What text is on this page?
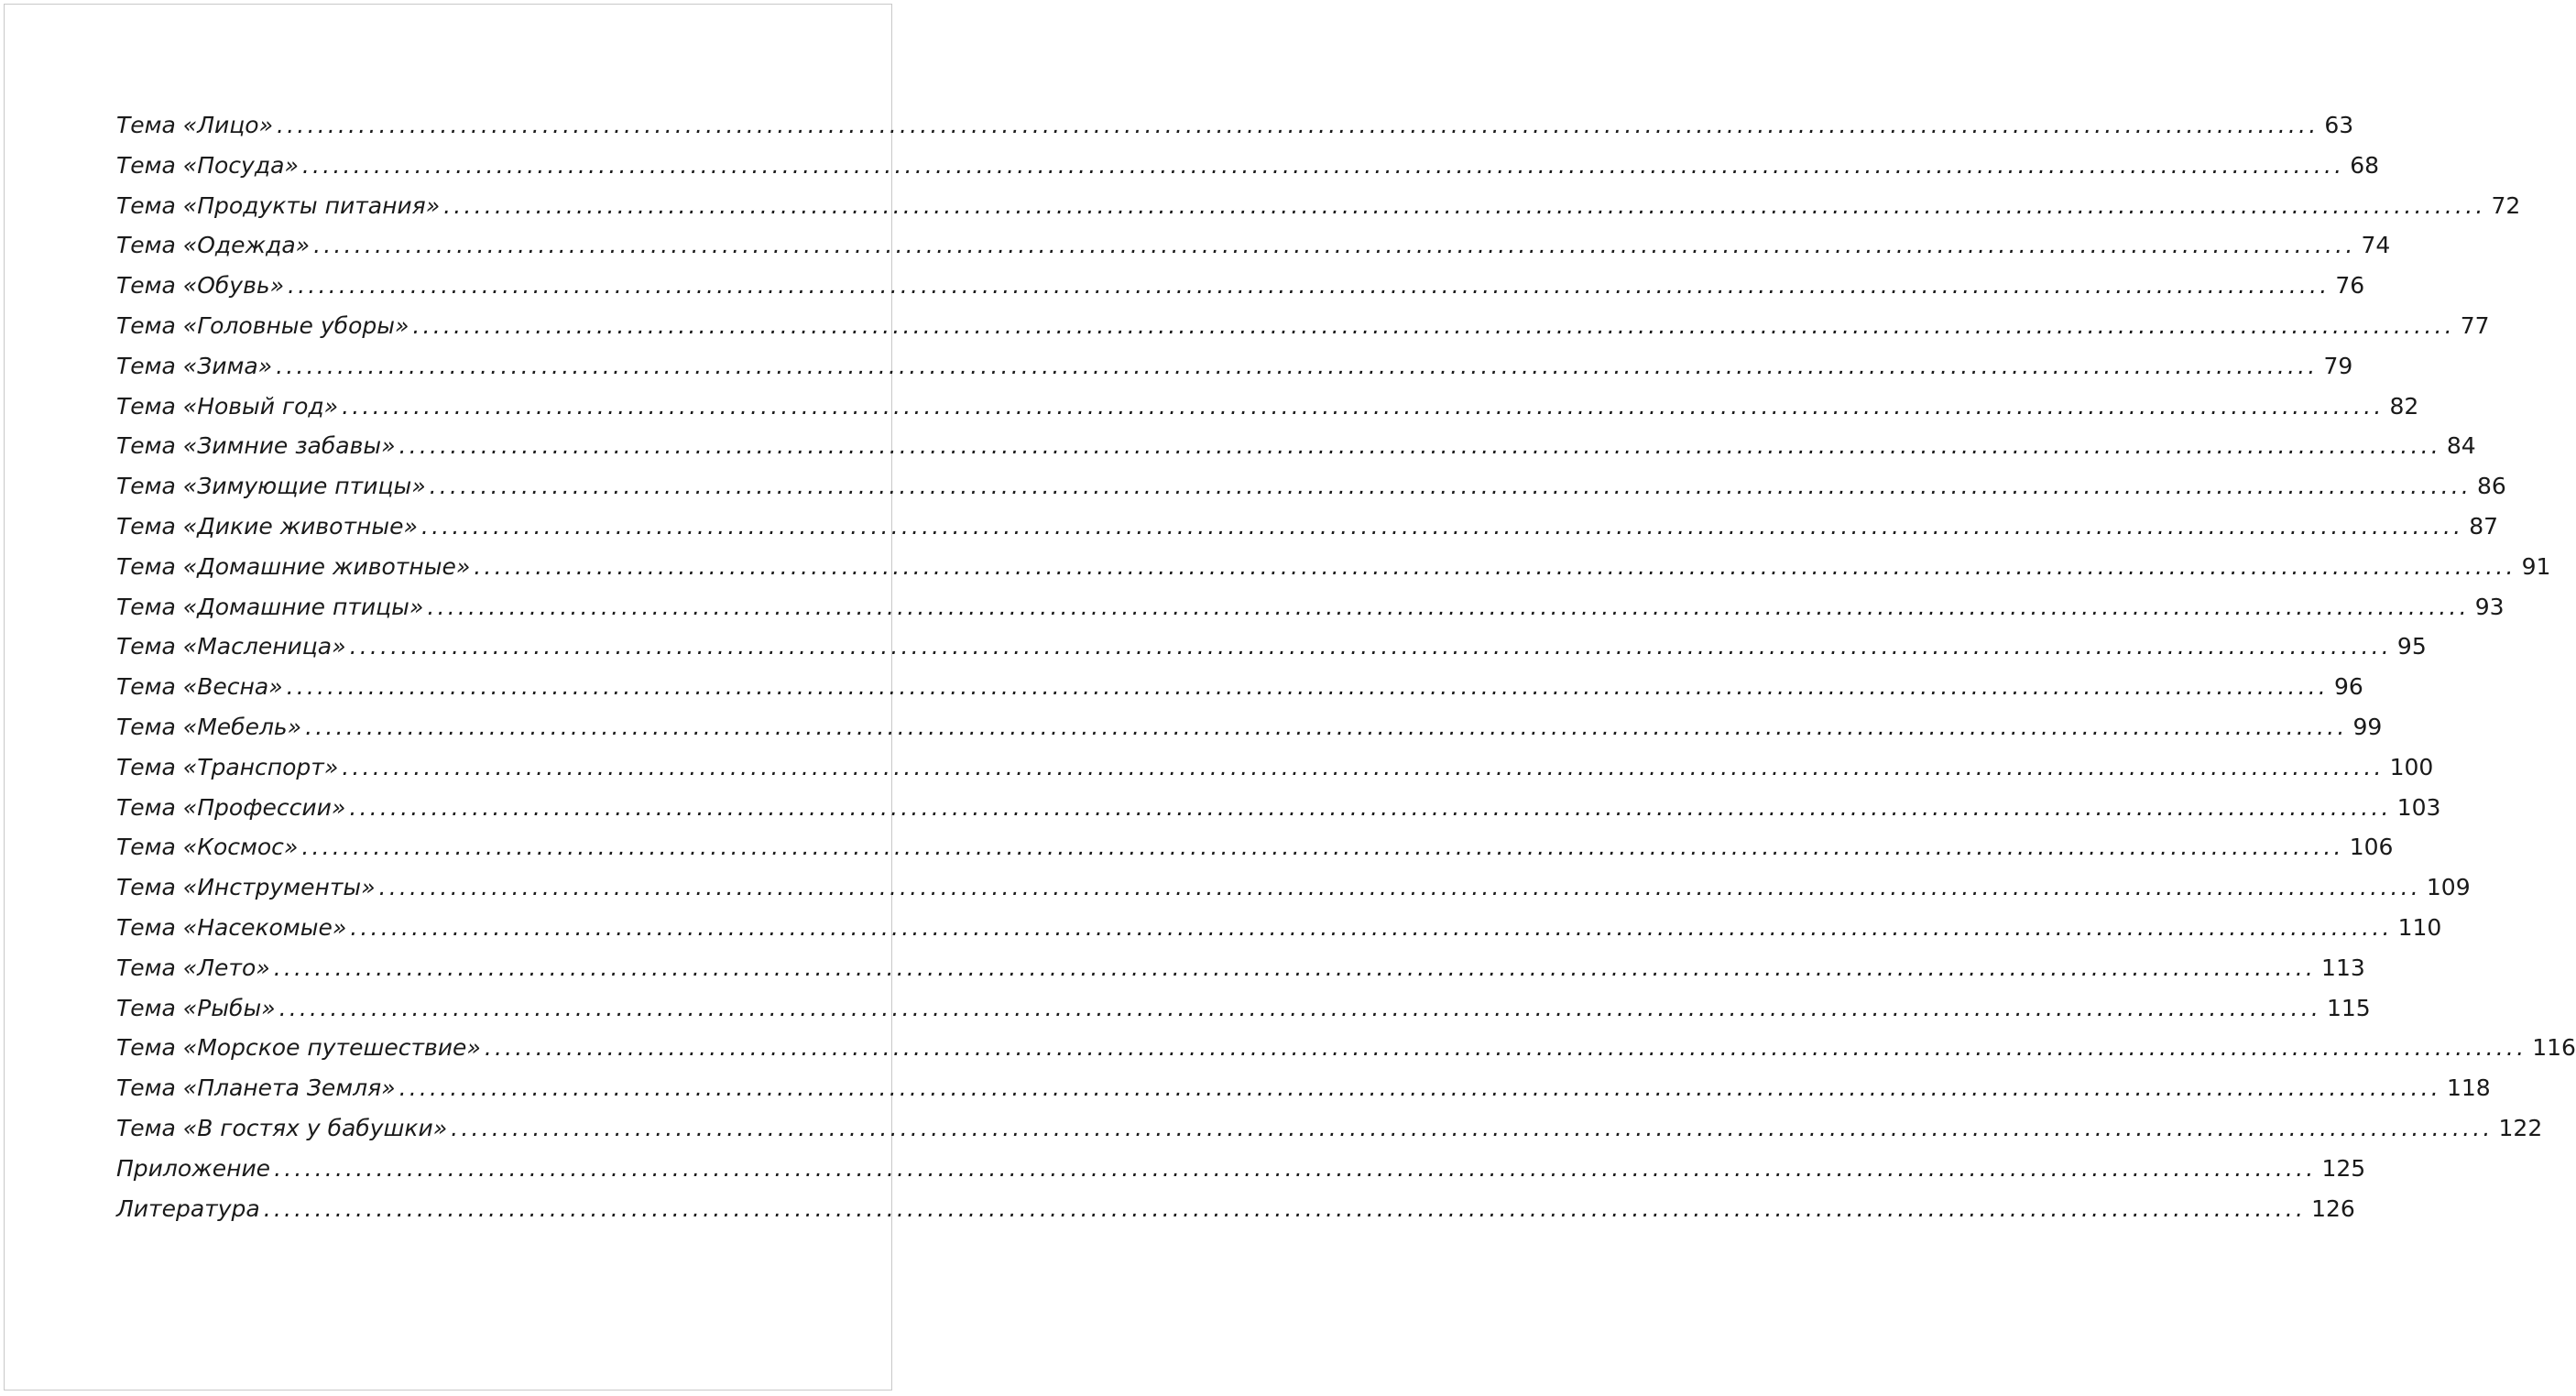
Тема «Лицо» ........................................................................................................................................................................................................ 63
Тема «Посуда» ........................................................................................................................................................................................................ 68
Тема «Продукты питания» ........................................................................................................................................................................................................ 72
Тема «Одежда» ........................................................................................................................................................................................................ 74
Тема «Обувь» ........................................................................................................................................................................................................ 76
Тема «Головные уборы» ........................................................................................................................................................................................................ 77
Тема «Зима» ........................................................................................................................................................................................................ 79
Тема «Новый год» ........................................................................................................................................................................................................ 82
Тема «Зимние забавы» ........................................................................................................................................................................................................ 84
Тема «Зимующие птицы» ........................................................................................................................................................................................................ 86
Тема «Дикие животные» ........................................................................................................................................................................................................ 87
Тема «Домашние животные» ........................................................................................................................................................................................................ 91
Тема «Домашние птицы» ........................................................................................................................................................................................................ 93
Тема «Масленица» ........................................................................................................................................................................................................ 95
Тема «Весна» ........................................................................................................................................................................................................ 96
Тема «Мебель» ........................................................................................................................................................................................................ 99
Тема «Транспорт» ........................................................................................................................................................................................................ 100
Тема «Профессии» ........................................................................................................................................................................................................ 103
Тема «Космос» ........................................................................................................................................................................................................ 106
Тема «Инструменты» ........................................................................................................................................................................................................ 109
Тема «Насекомые» ........................................................................................................................................................................................................ 110
Тема «Лето» ........................................................................................................................................................................................................ 113
Тема «Рыбы» ........................................................................................................................................................................................................ 115
Тема «Морское путешествие» ........................................................................................................................................................................................................ 116
Тема «Планета Земля» ........................................................................................................................................................................................................ 118
Тема «В гостях у бабушки» ........................................................................................................................................................................................................ 122
Приложение ........................................................................................................................................................................................................ 125
Литература ........................................................................................................................................................................................................ 126
